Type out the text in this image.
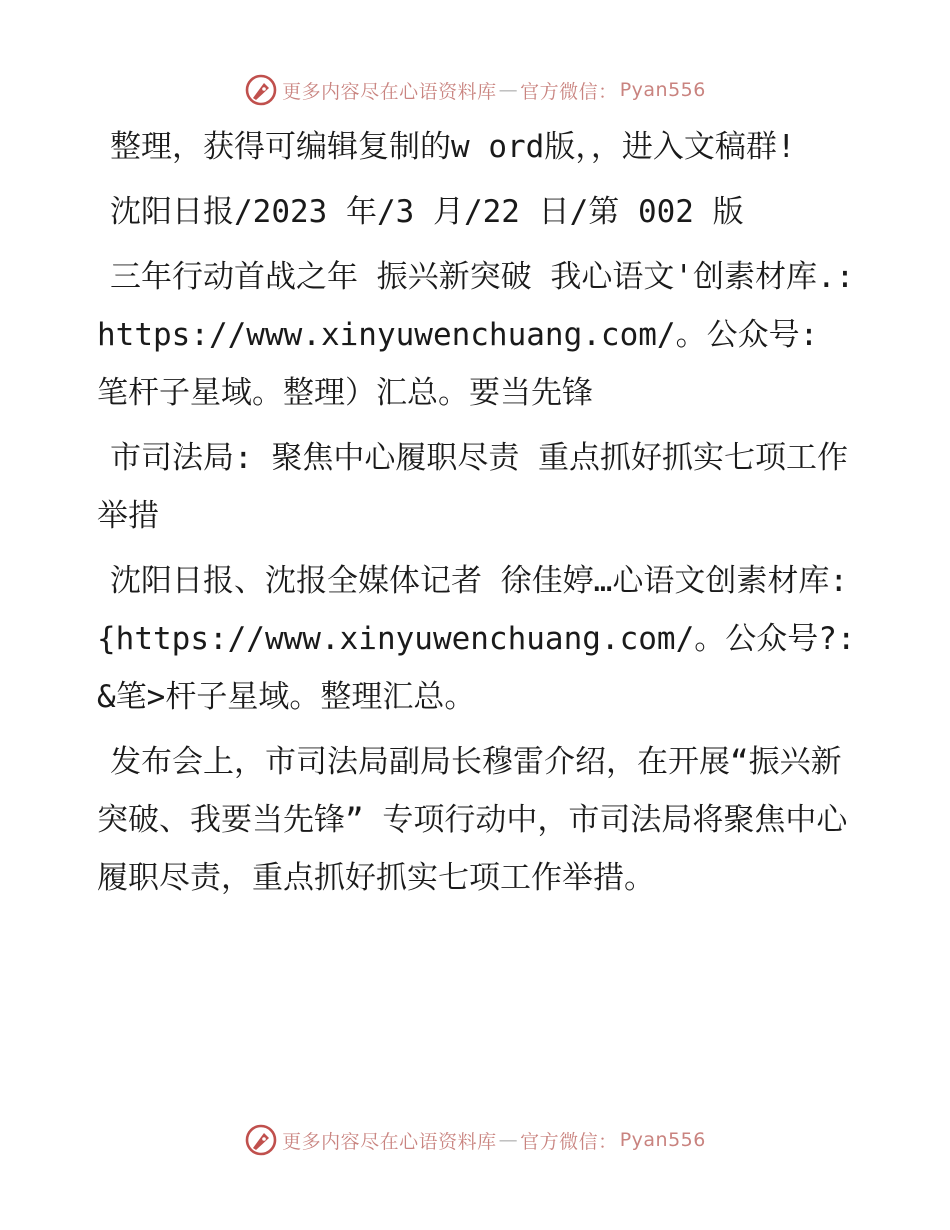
更多内容尽在心语资料库 — 官方微信： Pyan556

整理，获得可编辑复制的w ord版，，进入文稿群!

沈阳日报/2023 年/3 月/22 日/第 002 版

三年行动首战之年 振兴新突破 我心语文'创素材库.: https://www.xinyuwenchuang.com/。公众号: 笔杆子星域。整理）汇总。要当先锋

市司法局: 聚焦中心履职尽责 重点抓好抓实七项工作举措

沈阳日报、沈报全媒体记者 徐佳婷…心语文创素材库: {https://www.xinyuwenchuang.com/。公众号?: &笔>杆子星域。整理汇总。

发布会上，市司法局副局长穆雷介绍，在开展“振兴新突破、我要当先锋” 专项行动中，市司法局将聚焦中心履职尽责，重点抓好抓实七项工作举措。

更多内容尽在心语资料库 — 官方微信： Pyan556
